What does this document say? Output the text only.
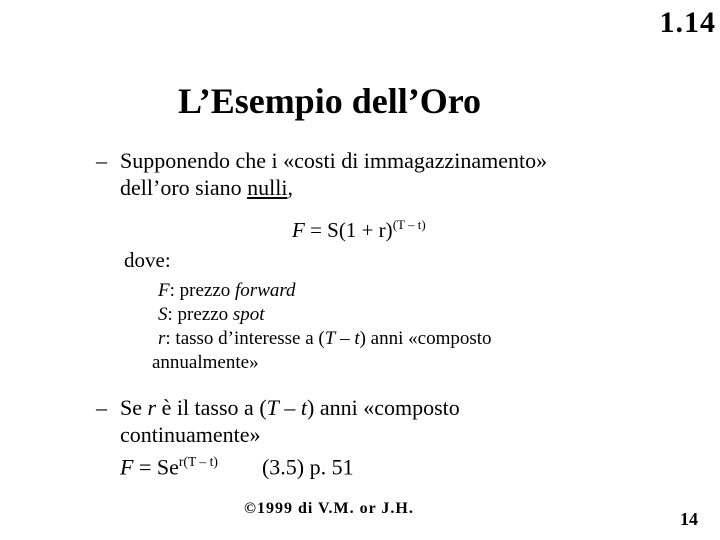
1.14
L’Esempio dell’Oro
– Supponendo che i «costi di immagazzinamento»
dell’oro siano nulli,
$F = S(1 + r)^{(T - t)}$
dove:
F: prezzo forward
S: prezzo spot
r: tasso d’interesse a (T – t) anni «composto
annualmente»
– Se r è il tasso a (T – t) anni «composto
continuamente»
$F = Se^{r(T - t)}$ (3.5) p. 51
©1999 di V.M. or J.H.
14
